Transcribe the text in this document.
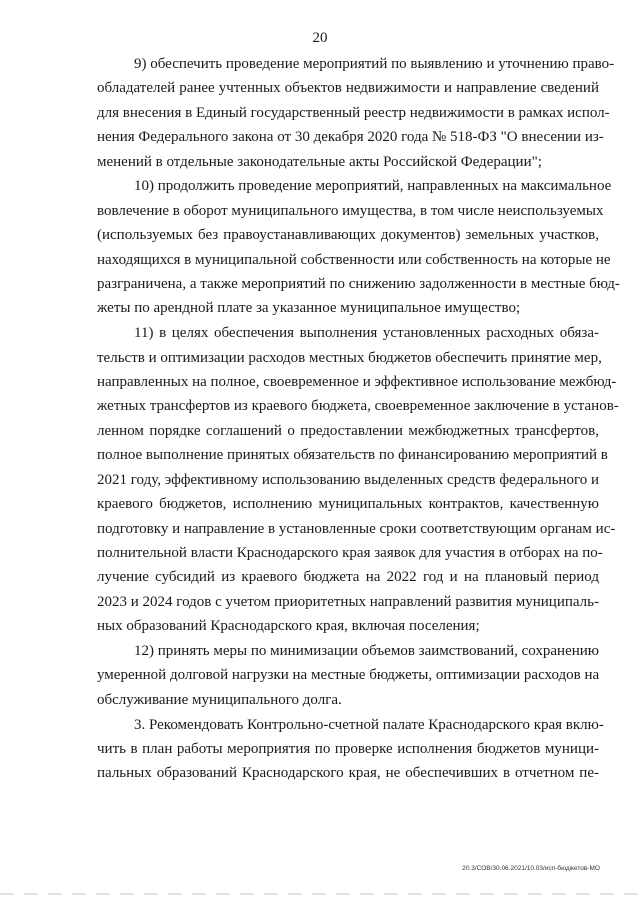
20

9) обеспечить проведение мероприятий по выявлению и уточнению право-
обладателей ранее учтенных объектов недвижимости и направление сведений
для внесения в Единый государственный реестр недвижимости в рамках испол-
нения Федерального закона от 30 декабря 2020 года № 518-ФЗ "О внесении из-
менений в отдельные законодательные акты Российской Федерации";

10) продолжить проведение мероприятий, направленных на максимальное
вовлечение в оборот муниципального имущества, в том числе неиспользуемых
(используемых без правоустанавливающих документов) земельных участков,
находящихся в муниципальной собственности или собственность на которые не
разграничена, а также мероприятий по снижению задолженности в местные бюд-
жеты по арендной плате за указанное муниципальное имущество;

11) в целях обеспечения выполнения установленных расходных обяза-
тельств и оптимизации расходов местных бюджетов обеспечить принятие мер,
направленных на полное, своевременное и эффективное использование межбюд-
жетных трансфертов из краевого бюджета, своевременное заключение в установ-
ленном порядке соглашений о предоставлении межбюджетных трансфертов,
полное выполнение принятых обязательств по финансированию мероприятий в
2021 году, эффективному использованию выделенных средств федерального и
краевого бюджетов, исполнению муниципальных контрактов, качественную
подготовку и направление в установленные сроки соответствующим органам ис-
полнительной власти Краснодарского края заявок для участия в отборах на по-
лучение субсидий из краевого бюджета на 2022 год и на плановый период
2023 и 2024 годов с учетом приоритетных направлений развития муниципаль-
ных образований Краснодарского края, включая поселения;

12) принять меры по минимизации объемов заимствований, сохранению
умеренной долговой нагрузки на местные бюджеты, оптимизации расходов на
обслуживание муниципального долга.

3. Рекомендовать Контрольно-счетной палате Краснодарского края вклю-
чить в план работы мероприятия по проверке исполнения бюджетов муници-
пальных образований Краснодарского края, не обеспечивших в отчетном пе-

20.3/СОВ/30.06.2021/10.03/исп-бюджетов-МО
